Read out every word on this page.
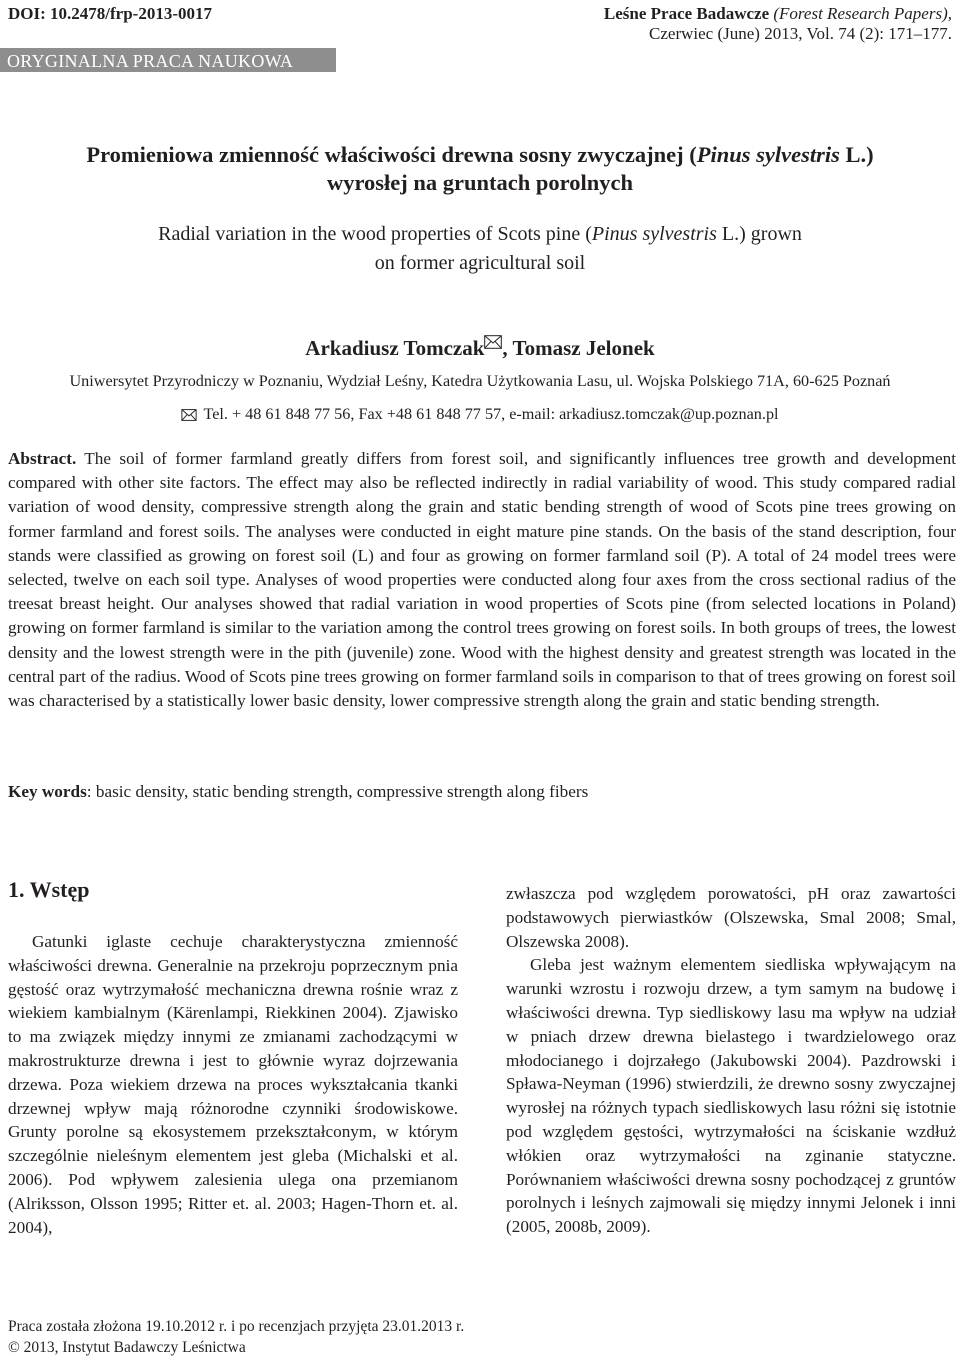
DOI: 10.2478/frp-2013-0017	Leśne Prace Badawcze (Forest Research Papers),
Czerwiec (June) 2013, Vol. 74 (2): 171–177.
ORYGINALNA PRACA NAUKOWA
Promieniowa zmienność właściwości drewna sosny zwyczajnej (Pinus sylvestris L.)
wyrosłej na gruntach porolnych
Radial variation in the wood properties of Scots pine (Pinus sylvestris L.) grown
on former agricultural soil
Arkadiusz Tomczak , Tomasz Jelonek
Uniwersytet Przyrodniczy w Poznaniu, Wydział Leśny, Katedra Użytkowania Lasu, ul. Wojska Polskiego 71A, 60-625 Poznań
Tel. + 48 61 848 77 56, Fax +48 61 848 77 57, e-mail: arkadiusz.tomczak@up.poznan.pl
Abstract. The soil of former farmland greatly differs from forest soil, and significantly influences tree growth and development compared with other site factors. The effect may also be reflected indirectly in radial variability of wood. This study compared radial variation of wood density, compressive strength along the grain and static bending strength of wood of Scots pine trees growing on former farmland and forest soils. The analyses were conducted in eight mature pine stands. On the basis of the stand description, four stands were classified as growing on forest soil (L) and four as growing on former farmland soil (P). A total of 24 model trees were selected, twelve on each soil type. Analyses of wood properties were conducted along four axes from the cross sectional radius of the treesat breast height. Our analyses showed that radial variation in wood properties of Scots pine (from selected locations in Poland) growing on former farmland is similar to the variation among the control trees growing on forest soils. In both groups of trees, the lowest density and the lowest strength were in the pith (juvenile) zone. Wood with the highest density and greatest strength was located in the central part of the radius. Wood of Scots pine trees growing on former farmland soils in comparison to that of trees growing on forest soil was characterised by a statistically lower basic density, lower compressive strength along the grain and static bending strength.
Key words: basic density, static bending strength, compressive strength along fibers
1. Wstęp

Gatunki iglaste cechuje charakterystyczna zmienność właściwości drewna. Generalnie na przekroju poprzecznym pnia gęstość oraz wytrzymałość mechaniczna drewna rośnie wraz z wiekiem kambialnym (Kärenlampi, Riekkinen 2004). Zjawisko to ma związek między innymi ze zmianami zachodzącymi w makrostrukturze drewna i jest to głównie wyraz dojrzewania drzewa. Poza wiekiem drzewa na proces wykształcania tkanki drzewnej wpływ mają różnorodne czynniki środowiskowe. Grunty porolne są ekosystemem przekształconym, w którym szczególnie nieleśnym elementem jest gleba (Michalski et al. 2006). Pod wpływem zalesienia ulega ona przemianom (Alriksson, Olsson 1995; Ritter et. al. 2003; Hagen-Thorn et. al. 2004),

zwłaszcza pod względem porowatości, pH oraz zawartości podstawowych pierwiastków (Olszewska, Smal 2008; Smal, Olszewska 2008).

Gleba jest ważnym elementem siedliska wpływającym na warunki wzrostu i rozwoju drzew, a tym samym na budowę i właściwości drewna. Typ siedliskowy lasu ma wpływ na udział w pniach drzew drewna bielastego i twardzielowego oraz młodocianego i dojrzałego (Jakubowski 2004). Pazdrowski i Spława-Neyman (1996) stwierdzili, że drewno sosny zwyczajnej wyrosłej na różnych typach siedliskowych lasu różni się istotnie pod względem gęstości, wytrzymałości na ściskanie wzdłuż włókien oraz wytrzymałości na zginanie statyczne. Porównaniem właściwości drewna sosny pochodzącej z gruntów porolnych i leśnych zajmowali się między innymi Jelonek i inni (2005, 2008b, 2009).

Praca została złożona 19.10.2012 r. i po recenzjach przyjęta 23.01.2013 r.
© 2013, Instytut Badawczy Leśnictwa
